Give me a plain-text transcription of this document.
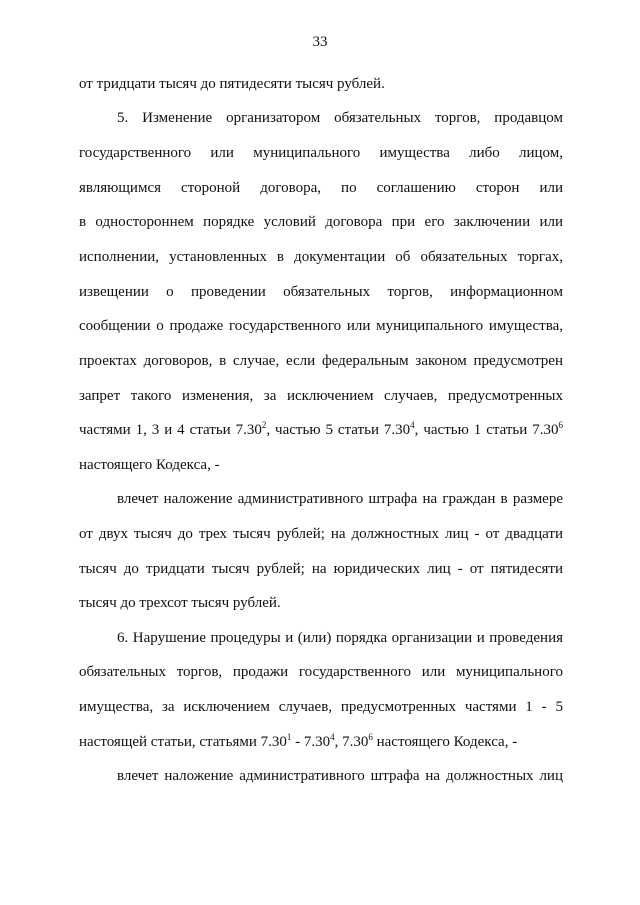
33
от тридцати тысяч до пятидесяти тысяч рублей.
5. Изменение организатором обязательных торгов, продавцом
государственного или муниципального имущества либо лицом,
являющимся стороной договора, по соглашению сторон или
в одностороннем порядке условий договора при его заключении или
исполнении, установленных в документации об обязательных торгах,
извещении о проведении обязательных торгов, информационном
сообщении о продаже государственного или муниципального имущества,
проектах договоров, в случае, если федеральным законом предусмотрен
запрет такого изменения, за исключением случаев, предусмотренных
частями 1, 3 и 4 статьи 7.30$^2$, частью 5 статьи 7.30$^4$, частью 1 статьи 7.30$^6$
настоящего Кодекса, -
влечет наложение административного штрафа на граждан в размере
от двух тысяч до трех тысяч рублей; на должностных лиц - от двадцати
тысяч до тридцати тысяч рублей; на юридических лиц - от пятидесяти
тысяч до трехсот тысяч рублей.
6. Нарушение процедуры и (или) порядка организации и проведения
обязательных торгов, продажи государственного или муниципального
имущества, за исключением случаев, предусмотренных частями 1 - 5
настоящей статьи, статьями 7.30$^1$ - 7.30$^4$, 7.30$^6$ настоящего Кодекса, -
влечет наложение административного штрафа на должностных лиц
